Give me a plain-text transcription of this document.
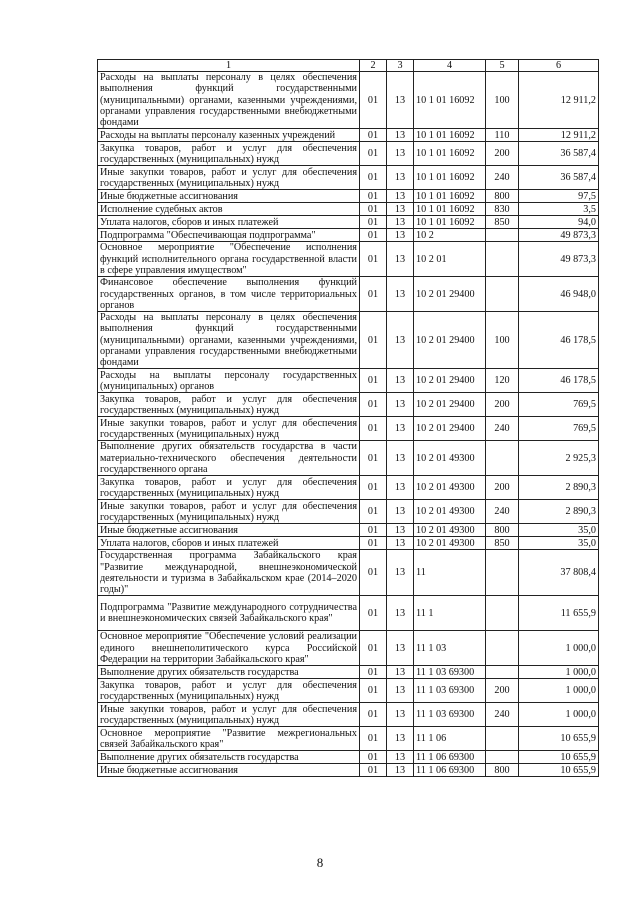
1	2	3	4	5	6
Расходы на выплаты персоналу в целях обеспечения выполнения функций государственными (муниципальными) органами, казенными учреждениями, органами управления государственными внебюджетными фондами	01	13	10 1 01 16092	100	12 911,2
Расходы на выплаты персоналу казенных учреждений	01	13	10 1 01 16092	110	12 911,2
Закупка товаров, работ и услуг для обеспечения государственных (муниципальных) нужд	01	13	10 1 01 16092	200	36 587,4
Иные закупки товаров, работ и услуг для обеспечения государственных (муниципальных) нужд	01	13	10 1 01 16092	240	36 587,4
Иные бюджетные ассигнования	01	13	10 1 01 16092	800	97,5
Исполнение судебных актов	01	13	10 1 01 16092	830	3,5
Уплата налогов, сборов и иных платежей	01	13	10 1 01 16092	850	94,0
Подпрограмма "Обеспечивающая подпрограмма"	01	13	10 2		49 873,3
Основное мероприятие "Обеспечение исполнения функций исполнительного органа государственной власти в сфере управления имуществом"	01	13	10 2 01		49 873,3
Финансовое обеспечение выполнения функций государственных органов, в том числе территориальных органов	01	13	10 2 01 29400		46 948,0
Расходы на выплаты персоналу в целях обеспечения выполнения функций государственными (муниципальными) органами, казенными учреждениями, органами управления государственными внебюджетными фондами	01	13	10 2 01 29400	100	46 178,5
Расходы на выплаты персоналу государственных (муниципальных) органов	01	13	10 2 01 29400	120	46 178,5
Закупка товаров, работ и услуг для обеспечения государственных (муниципальных) нужд	01	13	10 2 01 29400	200	769,5
Иные закупки товаров, работ и услуг для обеспечения государственных (муниципальных) нужд	01	13	10 2 01 29400	240	769,5
Выполнение других обязательств государства в части материально-технического обеспечения деятельности государственного органа	01	13	10 2 01 49300		2 925,3
Закупка товаров, работ и услуг для обеспечения государственных (муниципальных) нужд	01	13	10 2 01 49300	200	2 890,3
Иные закупки товаров, работ и услуг для обеспечения государственных (муниципальных) нужд	01	13	10 2 01 49300	240	2 890,3
Иные бюджетные ассигнования	01	13	10 2 01 49300	800	35,0
Уплата налогов, сборов и иных платежей	01	13	10 2 01 49300	850	35,0
Государственная программа Забайкальского края "Развитие международной, внешнеэкономической деятельности и туризма в Забайкальском крае (2014–2020 годы)"	01	13	11		37 808,4
Подпрограмма "Развитие международного сотрудничества и внешнеэкономических связей Забайкальского края"	01	13	11 1		11 655,9
Основное мероприятие "Обеспечение условий реализации единого внешнеполитического курса Российской Федерации на территории Забайкальского края"	01	13	11 1 03		1 000,0
Выполнение других обязательств государства	01	13	11 1 03 69300		1 000,0
Закупка товаров, работ и услуг для обеспечения государственных (муниципальных) нужд	01	13	11 1 03 69300	200	1 000,0
Иные закупки товаров, работ и услуг для обеспечения государственных (муниципальных) нужд	01	13	11 1 03 69300	240	1 000,0
Основное мероприятие "Развитие межрегиональных связей Забайкальского края"	01	13	11 1 06		10 655,9
Выполнение других обязательств государства	01	13	11 1 06 69300		10 655,9
Иные бюджетные ассигнования	01	13	11 1 06 69300	800	10 655,9
8
